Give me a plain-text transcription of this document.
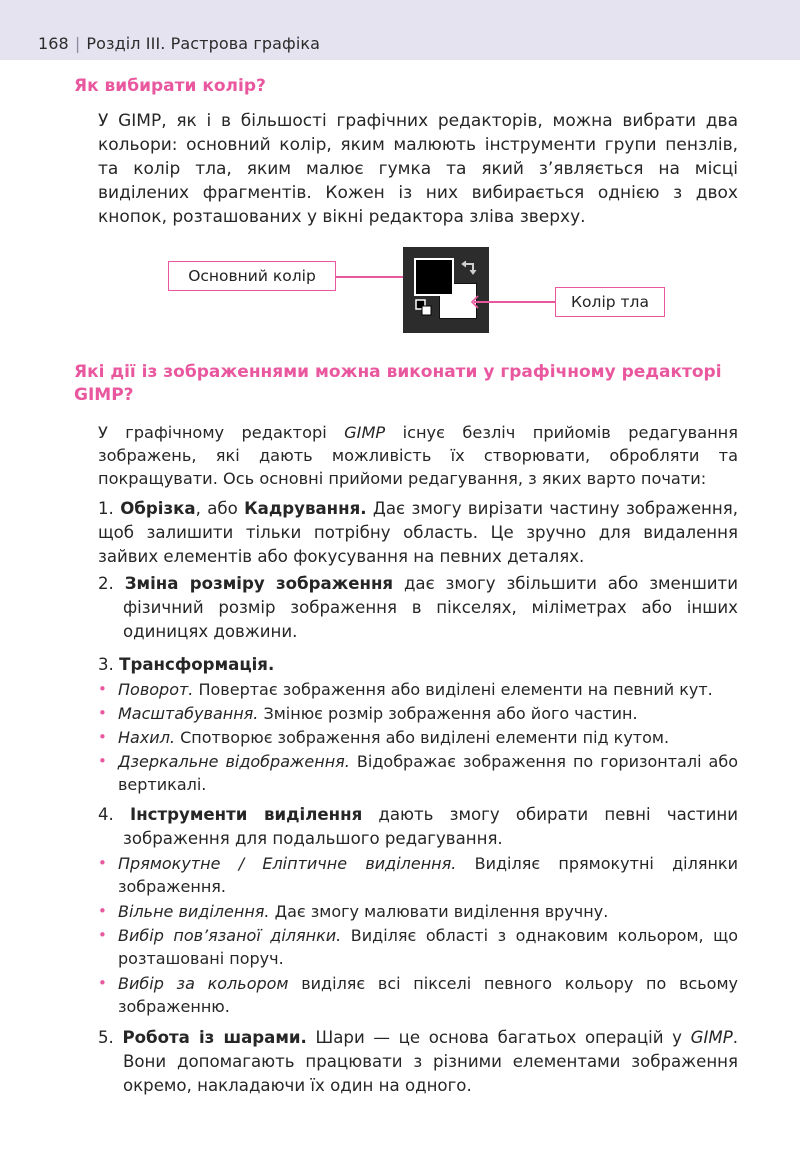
168 | Розділ III. Растрова графіка
Як вибирати колір?
У GIMP, як і в більшості графічних редакторів, можна вибрати два кольори: основний колір, яким малюють інструменти групи пензлів, та колір тла, яким малює гумка та який з’являється на місці виділених фрагментів. Кожен із них вибирається однією з двох кнопок, розташованих у вікні редактора зліва зверху.
Основний колір
Колір тла
Які дії із зображеннями можна виконати у графічному редакторі GIMP?
У графічному редакторі GIMP існує безліч прийомів редагування зображень, які дають можливість їх створювати, обробляти та покращувати. Ось основні прийоми редагування, з яких варто почати:
1. Обрізка, або Кадрування. Дає змогу вирізати частину зображення, щоб залишити тільки потрібну область. Це зручно для видалення зайвих елементів або фокусування на певних деталях.
2. Зміна розміру зображення дає змогу збільшити або зменшити фізичний розмір зображення в пікселях, міліметрах або інших одиницях довжини.
3. Трансформація.
• Поворот. Повертає зображення або виділені елементи на певний кут.
• Масштабування. Змінює розмір зображення або його частин.
• Нахил. Спотворює зображення або виділені елементи під кутом.
• Дзеркальне відображення. Відображає зображення по горизонталі або вертикалі.
4. Інструменти виділення дають змогу обирати певні частини зображення для подальшого редагування.
• Прямокутне / Еліптичне виділення. Виділяє прямокутні ділянки зображення.
• Вільне виділення. Дає змогу малювати виділення вручну.
• Вибір пов’язаної ділянки. Виділяє області з однаковим кольором, що розташовані поруч.
• Вибір за кольором виділяє всі пікселі певного кольору по всьому зображенню.
5. Робота із шарами. Шари — це основа багатьох операцій у GIMP. Вони допомагають працювати з різними елементами зображення окремо, накладаючи їх один на одного.
